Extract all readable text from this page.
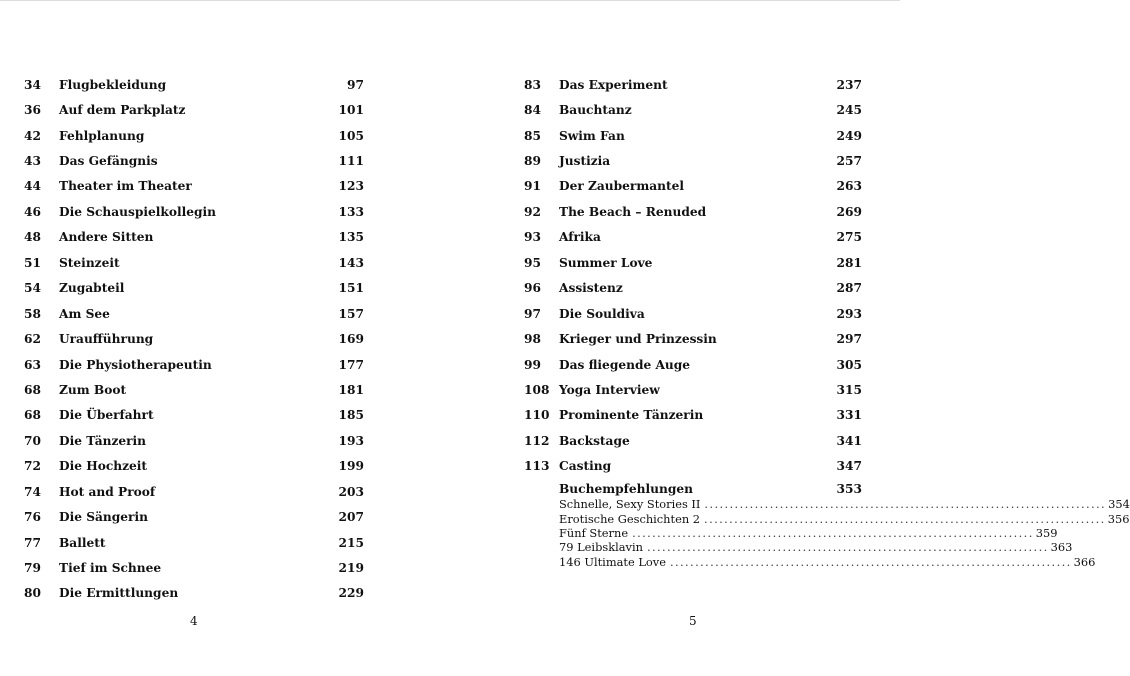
34	Flugbekleidung	97
36	Auf dem Parkplatz	101
42	Fehlplanung	105
43	Das Gefängnis	111
44	Theater im Theater	123
46	Die Schauspielkollegin	133
48	Andere Sitten	135
51	Steinzeit	143
54	Zugabteil	151
58	Am See	157
62	Uraufführung	169
63	Die Physiotherapeutin	177
68	Zum Boot	181
68	Die Überfahrt	185
70	Die Tänzerin	193
72	Die Hochzeit	199
74	Hot and Proof	203
76	Die Sängerin	207
77	Ballett	215
79	Tief im Schnee	219
80	Die Ermittlungen	229
4
83	Das Experiment	237
84	Bauchtanz	245
85	Swim Fan	249
89	Justizia	257
91	Der Zaubermantel	263
92	The Beach – Renuded	269
93	Afrika	275
95	Summer Love	281
96	Assistenz	287
97	Die Souldiva	293
98	Krieger und Prinzessin	297
99	Das fliegende Auge	305
108 Yoga Interview	315
110 Prominente Tänzerin	331
112 Backstage	341
113 Casting	347
Buchempfehlungen	353
Schnelle, Sexy Stories II ................................................................................ 354
Erotische Geschichten 2 ................................................................................ 356
Fünf Sterne ................................................................................ 359
79 Leibsklavin ................................................................................ 363
146 Ultimate Love ................................................................................ 366
5
